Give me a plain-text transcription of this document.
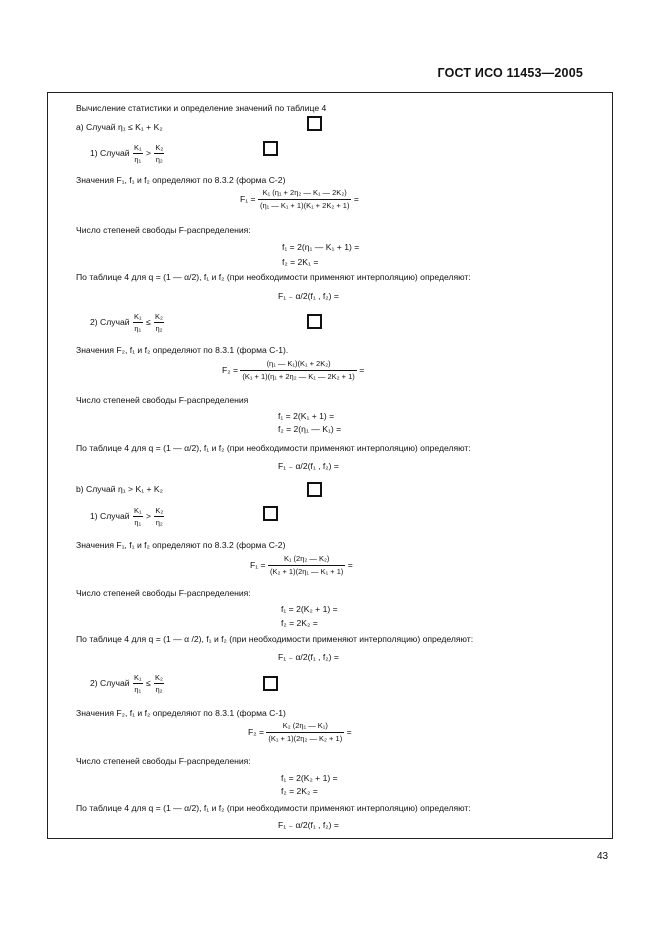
ГОСТ ИСО 11453—2005
Вычисление статистики и определение значений по таблице 4
а) Случай η₁ ≤ K₁ + K₂
1) Случай $\frac{\text{K₁}}{\text{η₁}} > \frac{\text{K₂}}{\text{η₂}}$
Значения F₁, f₁ и f₂ определяют по 8.3.2 (форма С-2)
$F_1 = \frac{\text{K₁ (η₁ + 2η₂ — K₁ — 2K₂)}}{\text{(η₁ — K₁ + 1)(K₁ + 2K₂ + 1)}}$ =
Число степеней свободы F-распределения:
f₁ = 2(η₁ — K₁ + 1) =
f₂ = 2K₁ =
По таблице 4 для q = (1 — α/2), f₁ и f₂ (при необходимости применяют интерполяцию) определяют:
F₁ ₋ α/2(f₁ , f₂) =
2) Случай $\frac{\text{K₁}}{\text{η₁}} \le \frac{\text{K₂}}{\text{η₂}}$
Значения F₂, f₁ и f₂ определяют по 8.3.1 (форма С-1).
$F_2 = \frac{\text{(η₁ — K₁)(K₁ + 2K₂)}}{\text{(K₁ + 1)(η₁ + 2η₂ — K₁ — 2K₂ + 1)}}$ =
Число степеней свободы F-распределения
f₁ = 2(K₁ + 1) =
f₂ = 2(η₁ — K₁) =
По таблице 4 для q = (1 — α/2), f₁ и f₂ (при необходимости применяют интерполяцию) определяют:
F₁ ₋ α/2(f₁ , f₂) =
b) Случай η₁ > K₁ + K₂
1) Случай $\frac{\text{K₁}}{\text{η₁}} > \frac{\text{K₂}}{\text{η₂}}$
Значения F₁, f₁ и f₂ определяют по 8.3.2 (форма С-2)
$F_1 = \frac{\text{K₁ (2η₂ — K₂)}}{\text{(K₂ + 1)(2η₁ — K₁ + 1)}}$ =
Число степеней свободы F-распределения:
f₁ = 2(K₂ + 1) =
f₂ = 2K₂ =
По таблице 4 для q = (1 — α /2), f₁ и f₂ (при необходимости применяют интерполяцию) определяют:
F₁ ₋ α/2(f₁ , f₂) =
2) Случай $\frac{\text{K₁}}{\text{η₁}} \le \frac{\text{K₂}}{\text{η₂}}$
Значения F₂, f₁ и f₂ определяют по 8.3.1 (форма С-1)
$F_2 = \frac{\text{K₂ (2η₁ — K₁)}}{\text{(K₁ + 1)(2η₂ — K₂ + 1)}}$ =
Число степеней свободы F-распределения:
f₁ = 2(K₂ + 1) =
f₂ = 2K₂ =
По таблице 4 для q = (1 — α/2), f₁ и f₂ (при необходимости применяют интерполяцию) определяют:
F₁ ₋ α/2(f₁ , f₂) =
43
